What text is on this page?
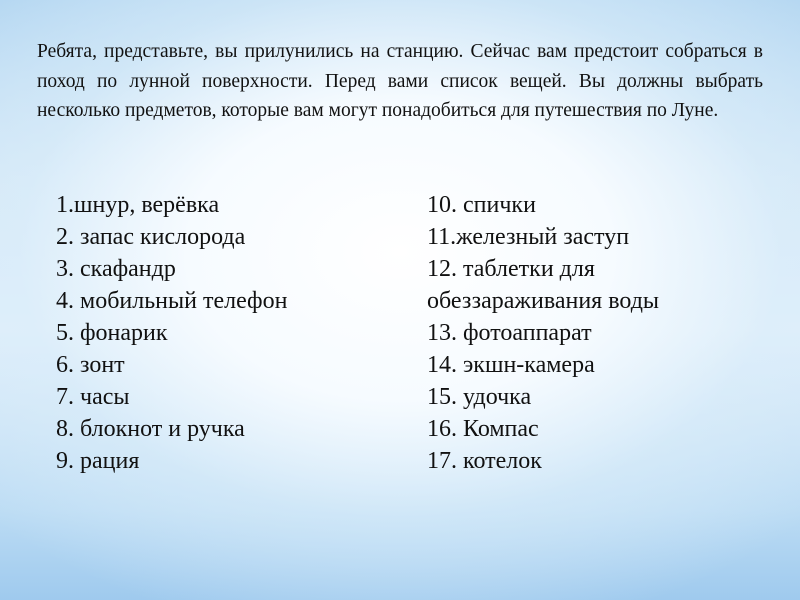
Ребята, представьте, вы прилунились на станцию. Сейчас вам предстоит собраться в поход по лунной поверхности. Перед вами список вещей. Вы должны выбрать несколько предметов, которые вам могут понадобиться для путешествия по Луне.

1.шнур, верёвка
2. запас кислорода
3. скафандр
4. мобильный телефон
5. фонарик
6. зонт
7. часы
8. блокнот и ручка
9. рация
10. спички
11.железный заступ
12. таблетки для
обеззараживания воды
13. фотоаппарат
14. экшн-камера
15. удочка
16. Компас
17. котелок
